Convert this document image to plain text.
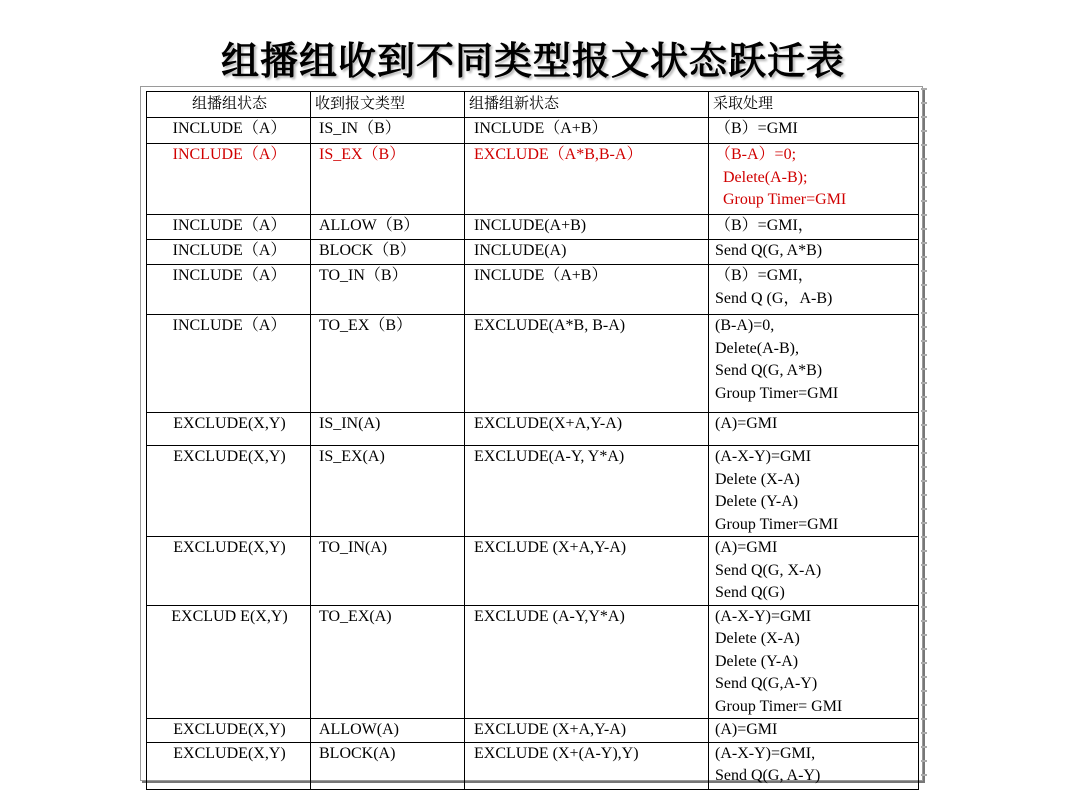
组播组收到不同类型报文状态跃迁表
组播组状态	收到报文类型	组播组新状态	采取处理
INCLUDE（A）	IS_IN（B）	INCLUDE（A+B）	（B）=GMI

INCLUDE（A）	IS_EX（B）	EXCLUDE（A*B,B-A）	（B-A）=0;
Delete(A-B);
Group Timer=GMI

INCLUDE（A）	ALLOW（B）	INCLUDE(A+B)	（B）=GMI，

INCLUDE（A）	BLOCK（B）	INCLUDE(A)	Send Q(G, A*B)

INCLUDE（A）	TO_IN（B）	INCLUDE（A+B）	（B）=GMI，
Send Q (G，A-B)

INCLUDE（A）	TO_EX（B）	EXCLUDE(A*B, B-A)	(B-A)=0,
Delete(A-B),
Send Q(G, A*B)
Group Timer=GMI

EXCLUDE(X,Y)	IS_IN(A)	EXCLUDE(X+A,Y-A)	(A)=GMI

EXCLUDE(X,Y)	IS_EX(A)	EXCLUDE(A-Y, Y*A)	(A-X-Y)=GMI
Delete (X-A)
Delete (Y-A)
Group Timer=GMI

EXCLUDE(X,Y)	TO_IN(A)	EXCLUDE (X+A,Y-A)	(A)=GMI
Send Q(G, X-A)
Send Q(G)

EXCLUD E(X,Y)	TO_EX(A)	EXCLUDE (A-Y,Y*A)	(A-X-Y)=GMI
Delete (X-A)
Delete (Y-A)
Send Q(G,A-Y)
Group Timer= GMI

EXCLUDE(X,Y)	ALLOW(A)	EXCLUDE (X+A,Y-A)	(A)=GMI

EXCLUDE(X,Y)	BLOCK(A)	EXCLUDE (X+(A-Y),Y)	(A-X-Y)=GMI,
Send Q(G, A-Y)
